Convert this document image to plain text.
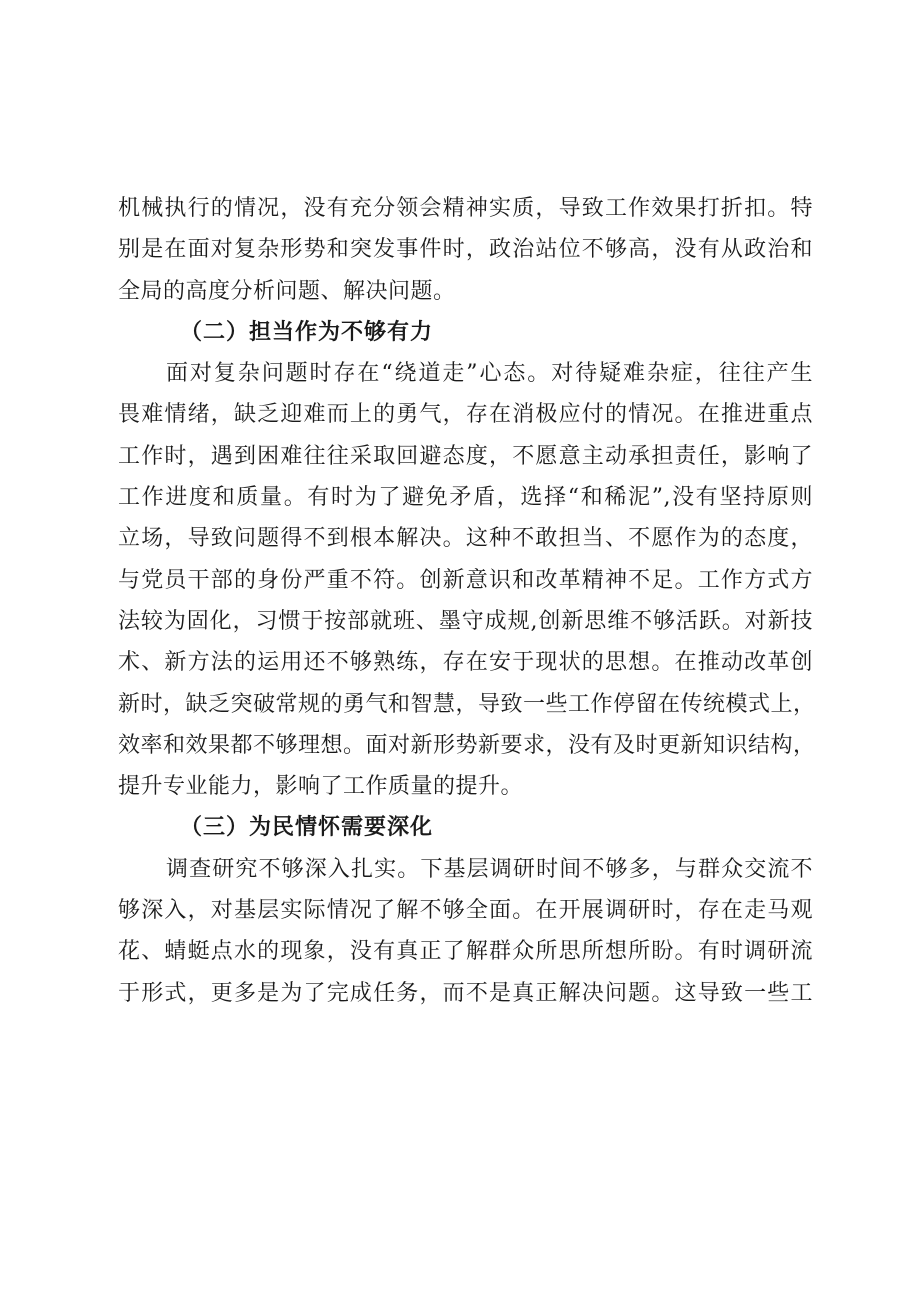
机械执行的情况，没有充分领会精神实质，导致工作效果打折扣。特
别是在面对复杂形势和突发事件时，政治站位不够高，没有从政治和
全局的高度分析问题、解决问题。
（二）担当作为不够有力
面对复杂问题时存在“绕道走”心态。对待疑难杂症，往往产生
畏难情绪，缺乏迎难而上的勇气，存在消极应付的情况。在推进重点
工作时，遇到困难往往采取回避态度，不愿意主动承担责任，影响了
工作进度和质量。有时为了避免矛盾，选择“和稀泥”,没有坚持原则
立场，导致问题得不到根本解决。这种不敢担当、不愿作为的态度，
与党员干部的身份严重不符。创新意识和改革精神不足。工作方式方
法较为固化，习惯于按部就班、墨守成规,创新思维不够活跃。对新技
术、新方法的运用还不够熟练，存在安于现状的思想。在推动改革创
新时，缺乏突破常规的勇气和智慧，导致一些工作停留在传统模式上，
效率和效果都不够理想。面对新形势新要求，没有及时更新知识结构，
提升专业能力，影响了工作质量的提升。
（三）为民情怀需要深化
调查研究不够深入扎实。下基层调研时间不够多，与群众交流不
够深入，对基层实际情况了解不够全面。在开展调研时，存在走马观
花、蜻蜓点水的现象，没有真正了解群众所思所想所盼。有时调研流
于形式，更多是为了完成任务，而不是真正解决问题。这导致一些工
